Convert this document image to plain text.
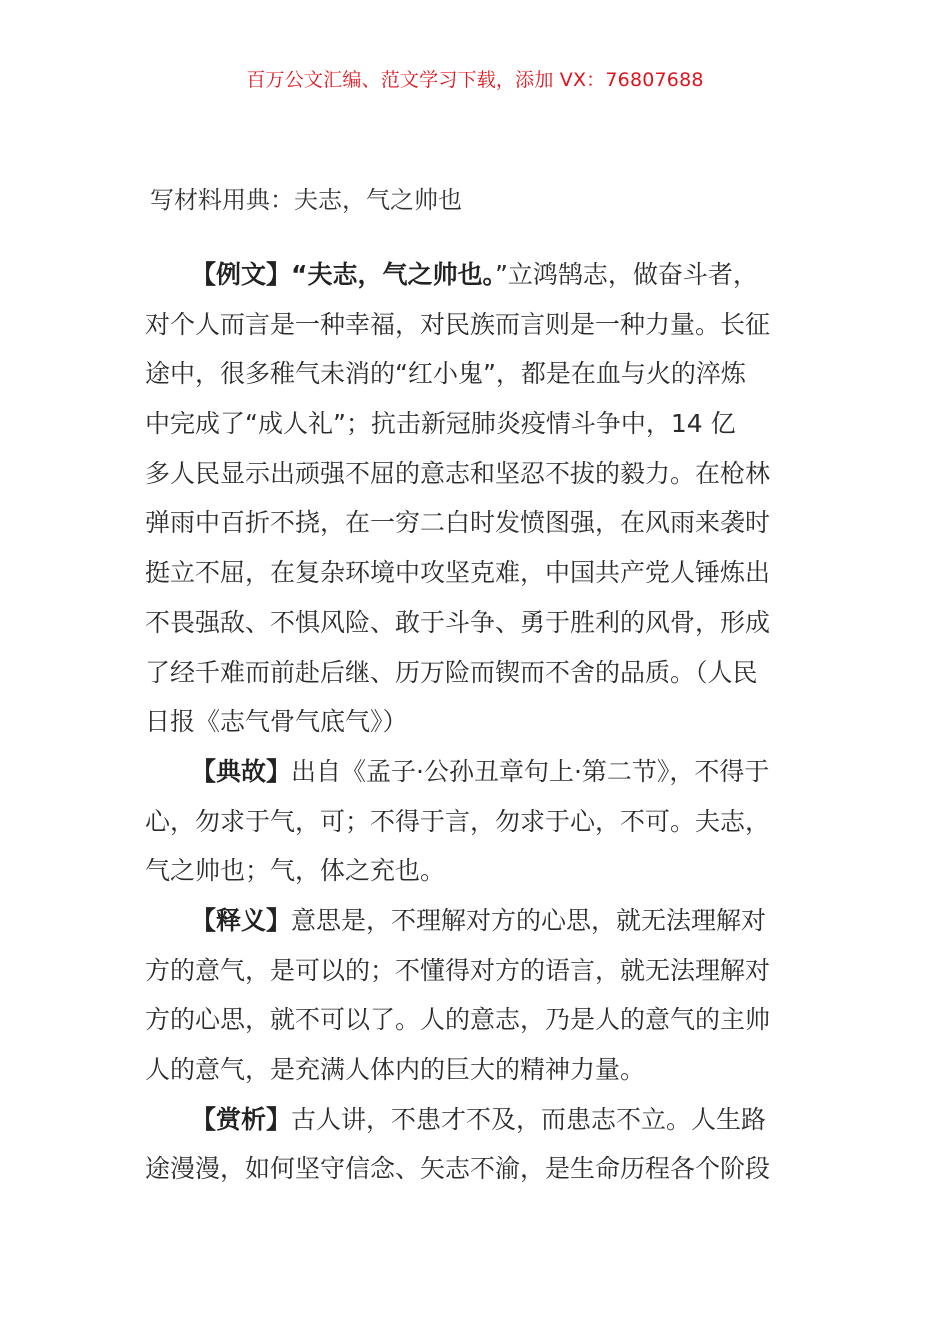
百万公文汇编、范文学习下载，添加 VX：76807688
写材料用典：夫志，气之帅也
【例文】“夫志，气之帅也。”立鸿鹄志，做奋斗者，
对个人而言是一种幸福，对民族而言则是一种力量。长征
途中，很多稚气未消的“红小鬼”，都是在血与火的淬炼
中完成了“成人礼”；抗击新冠肺炎疫情斗争中，14 亿
多人民显示出顽强不屈的意志和坚忍不拔的毅力。在枪林
弹雨中百折不挠，在一穷二白时发愤图强，在风雨来袭时
挺立不屈，在复杂环境中攻坚克难，中国共产党人锤炼出
不畏强敌、不惧风险、敢于斗争、勇于胜利的风骨，形成
了经千难而前赴后继、历万险而锲而不舍的品质。（人民
日报《志气骨气底气》）
【典故】出自《孟子·公孙丑章句上·第二节》，不得于
心，勿求于气，可；不得于言，勿求于心，不可。夫志，
气之帅也；气，体之充也。
【释义】意思是，不理解对方的心思，就无法理解对
方的意气，是可以的；不懂得对方的语言，就无法理解对
方的心思，就不可以了。人的意志，乃是人的意气的主帅
人的意气，是充满人体内的巨大的精神力量。
【赏析】古人讲，不患才不及，而患志不立。人生路
途漫漫，如何坚守信念、矢志不渝，是生命历程各个阶段
